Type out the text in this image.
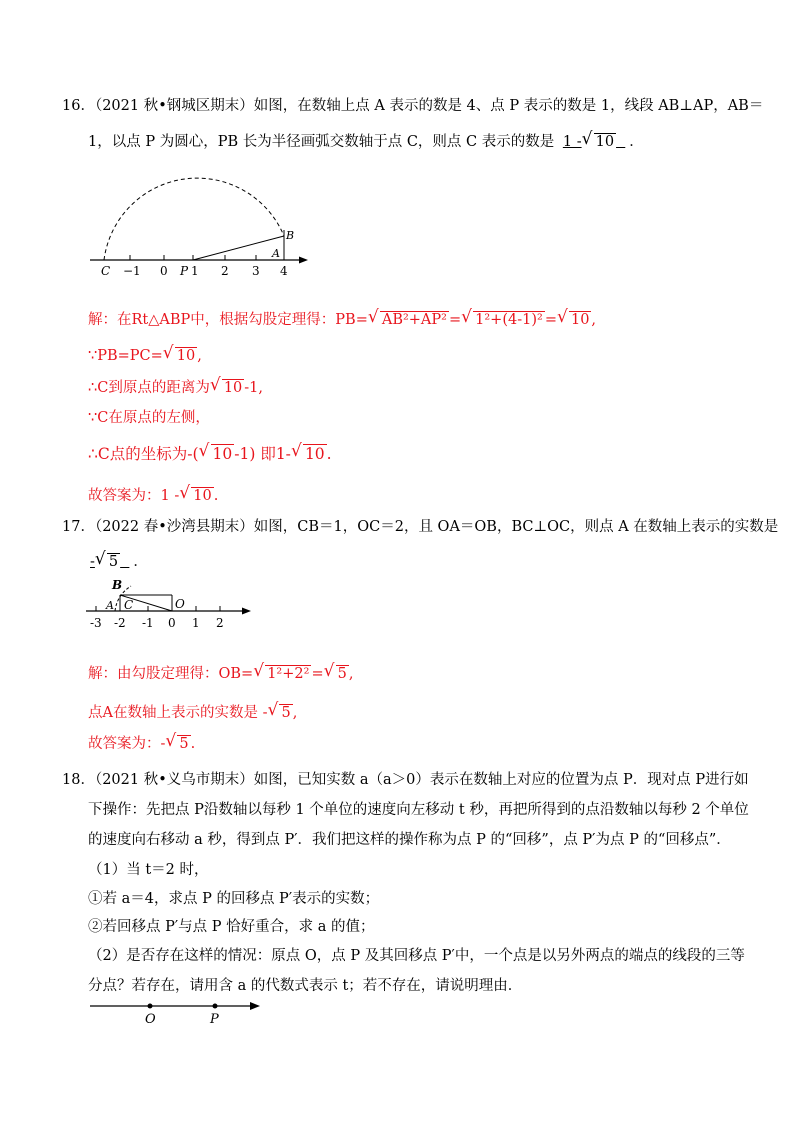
16．（2021 秋•钢城区期末）如图，在数轴上点 A 表示的数是 4、点 P 表示的数是 1，线段 AB⊥AP，AB＝
1，以点 P 为圆心，PB 长为半径画弧交数轴于点 C，则点 C 表示的数是 1 - √ 10 ．
C −1 0 P 1 2 3 4
B
A
解：在Rt△ABP中，根据勾股定理得：PB= √ AB²+AP² = √ 1²+(4-1)² = √ 10 ,
∵PB=PC= √ 10 ,
∴C到原点的距离为 √ 10 -1,
∵C在原点的左侧，
∴C点的坐标为-( √ 10 -1) 即1- √ 10 .
故答案为：1 - √ 10 .
17．（2022 春•沙湾县期末）如图，CB＝1，OC＝2，且 OA＝OB，BC⊥OC，则点 A 在数轴上表示的实数是
- √ 5 ．
B
A C	O
-3 -2 -1 0 1 2
解：由勾股定理得：OB= √ 1²+2² = √ 5 ,
点A在数轴上表示的实数是 - √ 5 ,
故答案为：- √ 5 .
18．（2021 秋•义乌市期末）如图，已知实数 a（a＞0）表示在数轴上对应的位置为点 P．现对点 P进行如
下操作：先把点 P沿数轴以每秒 1 个单位的速度向左移动 t 秒，再把所得到的点沿数轴以每秒 2 个单位
的速度向右移动 a 秒，得到点 P′．我们把这样的操作称为点 P 的“回移”，点 P′为点 P 的“回移点”．
（1）当 t＝2 时，
①若 a＝4，求点 P 的回移点 P′表示的实数；
②若回移点 P′与点 P 恰好重合，求 a 的值；
（2）是否存在这样的情况：原点 O，点 P 及其回移点 P′中，一个点是以另外两点的端点的线段的三等
分点？若存在，请用含 a 的代数式表示 t；若不存在，请说明理由．
O	P
